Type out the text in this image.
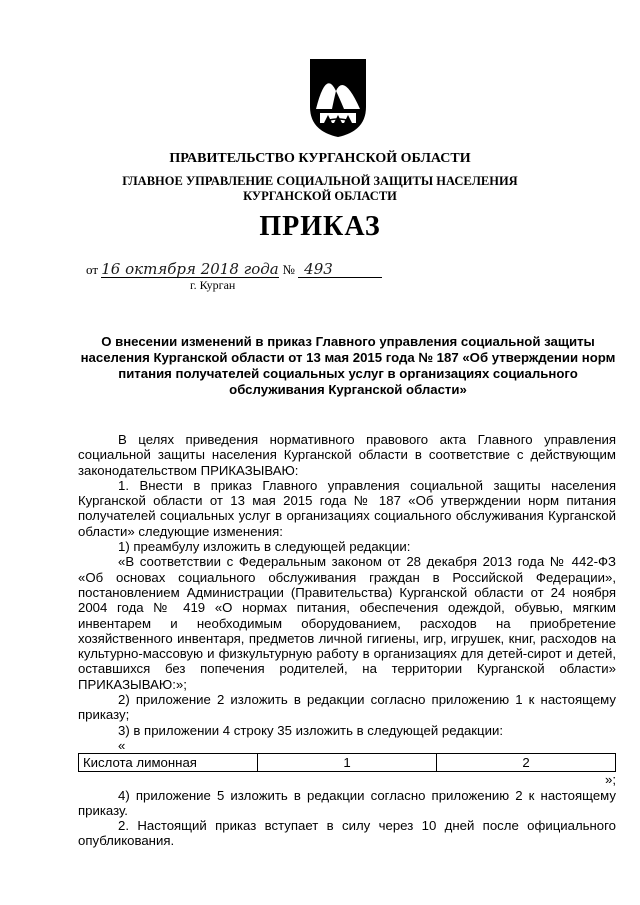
ПРАВИТЕЛЬСТВО КУРГАНСКОЙ ОБЛАСТИ
ГЛАВНОЕ УПРАВЛЕНИЕ СОЦИАЛЬНОЙ ЗАЩИТЫ НАСЕЛЕНИЯ
КУРГАНСКОЙ ОБЛАСТИ
ПРИКАЗ
от 16 октября 2018 года № 493
г. Курган
О внесении изменений в приказ Главного управления социальной защиты населения Курганской области от 13 мая 2015 года № 187 «Об утверждении норм питания получателей социальных услуг в организациях социального обслуживания Курганской области»

В целях приведения нормативного правового акта Главного управления социальной защиты населения Курганской области в соответствие с действующим законодательством ПРИКАЗЫВАЮ:

1. Внести в приказ Главного управления социальной защиты населения Курганской области от 13 мая 2015 года № 187 «Об утверждении норм питания получателей социальных услуг в организациях социального обслуживания Курганской области» следующие изменения:

1) преамбулу изложить в следующей редакции:

«В соответствии с Федеральным законом от 28 декабря 2013 года № 442-ФЗ «Об основах социального обслуживания граждан в Российской Федерации», постановлением Администрации (Правительства) Курганской области от 24 ноября 2004 года № 419 «О нормах питания, обеспечения одеждой, обувью, мягким инвентарем и необходимым оборудованием, расходов на приобретение хозяйственного инвентаря, предметов личной гигиены, игр, игрушек, книг, расходов на культурно-массовую и физкультурную работу в организациях для детей-сирот и детей, оставшихся без попечения родителей, на территории Курганской области» ПРИКАЗЫВАЮ:»;

2) приложение 2 изложить в редакции согласно приложению 1 к настоящему приказу;

3) в приложении 4 строку 35 изложить в следующей редакции:

«

Кислота лимонная	1	2

»;

4) приложение 5 изложить в редакции согласно приложению 2 к настоящему приказу.

2. Настоящий приказ вступает в силу через 10 дней после официального опубликования.
